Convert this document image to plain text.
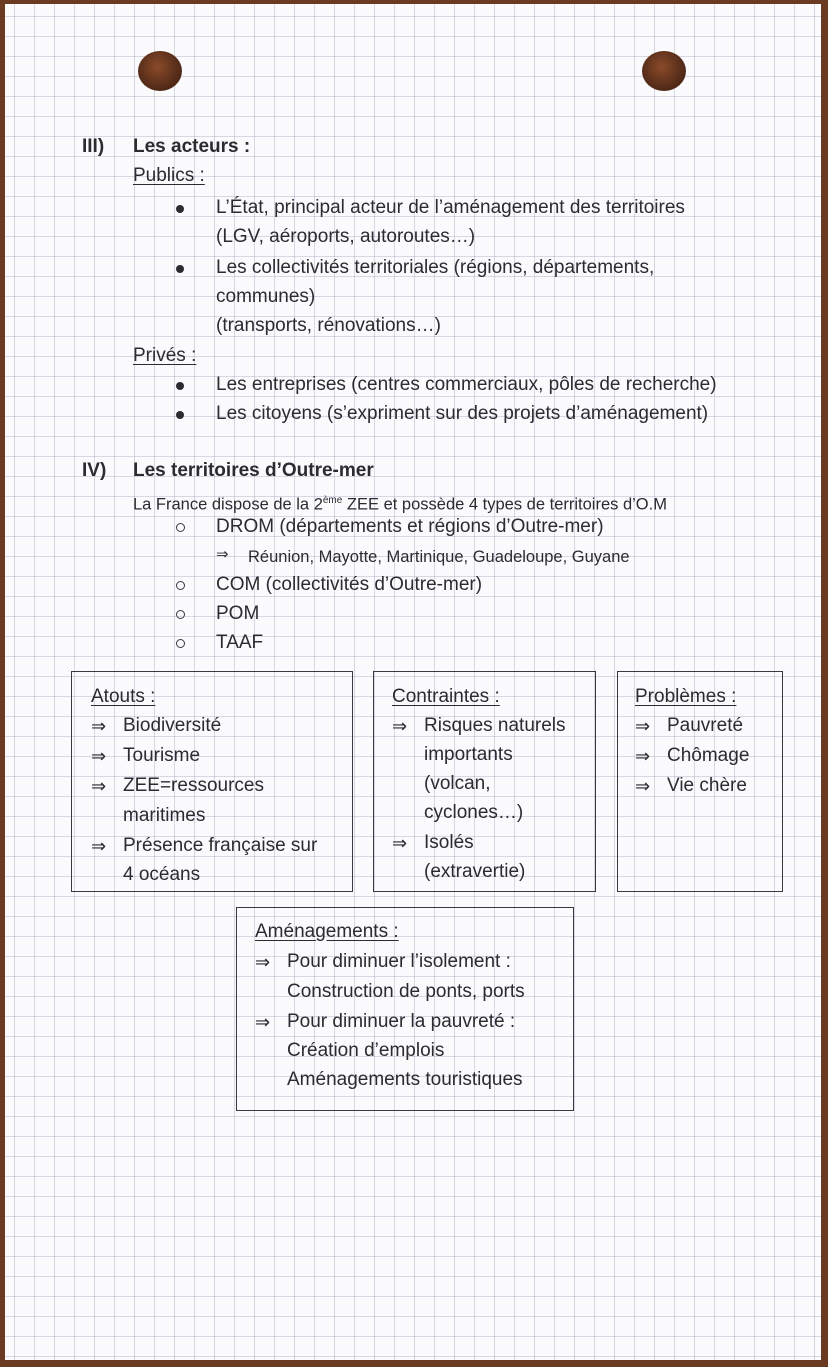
III) Les acteurs :
Publics :
L’État, principal acteur de l’aménagement des territoires
(LGV, aéroports, autoroutes…)
Les collectivités territoriales (régions, départements,
communes)
(transports, rénovations…)
Privés :
Les entreprises (centres commerciaux, pôles de recherche)
Les citoyens (s’expriment sur des projets d’aménagement)
IV) Les territoires d’Outre-mer
La France dispose de la 2ème ZEE et possède 4 types de territoires d’O.M
DROM (départements et régions d’Outre-mer)
⇒ Réunion, Mayotte, Martinique, Guadeloupe, Guyane
COM (collectivités d’Outre-mer)
POM
TAAF
Atouts :
⇒ Biodiversité
⇒ Tourisme
⇒ ZEE=ressources
maritimes
⇒ Présence française sur
4 océans
Contraintes :
⇒ Risques naturels
importants
(volcan,
cyclones…)
⇒ Isolés
(extravertie)
Problèmes :
⇒ Pauvreté
⇒ Chômage
⇒ Vie chère
Aménagements :
⇒ Pour diminuer l’isolement :
Construction de ponts, ports
⇒ Pour diminuer la pauvreté :
Création d’emplois
Aménagements touristiques
